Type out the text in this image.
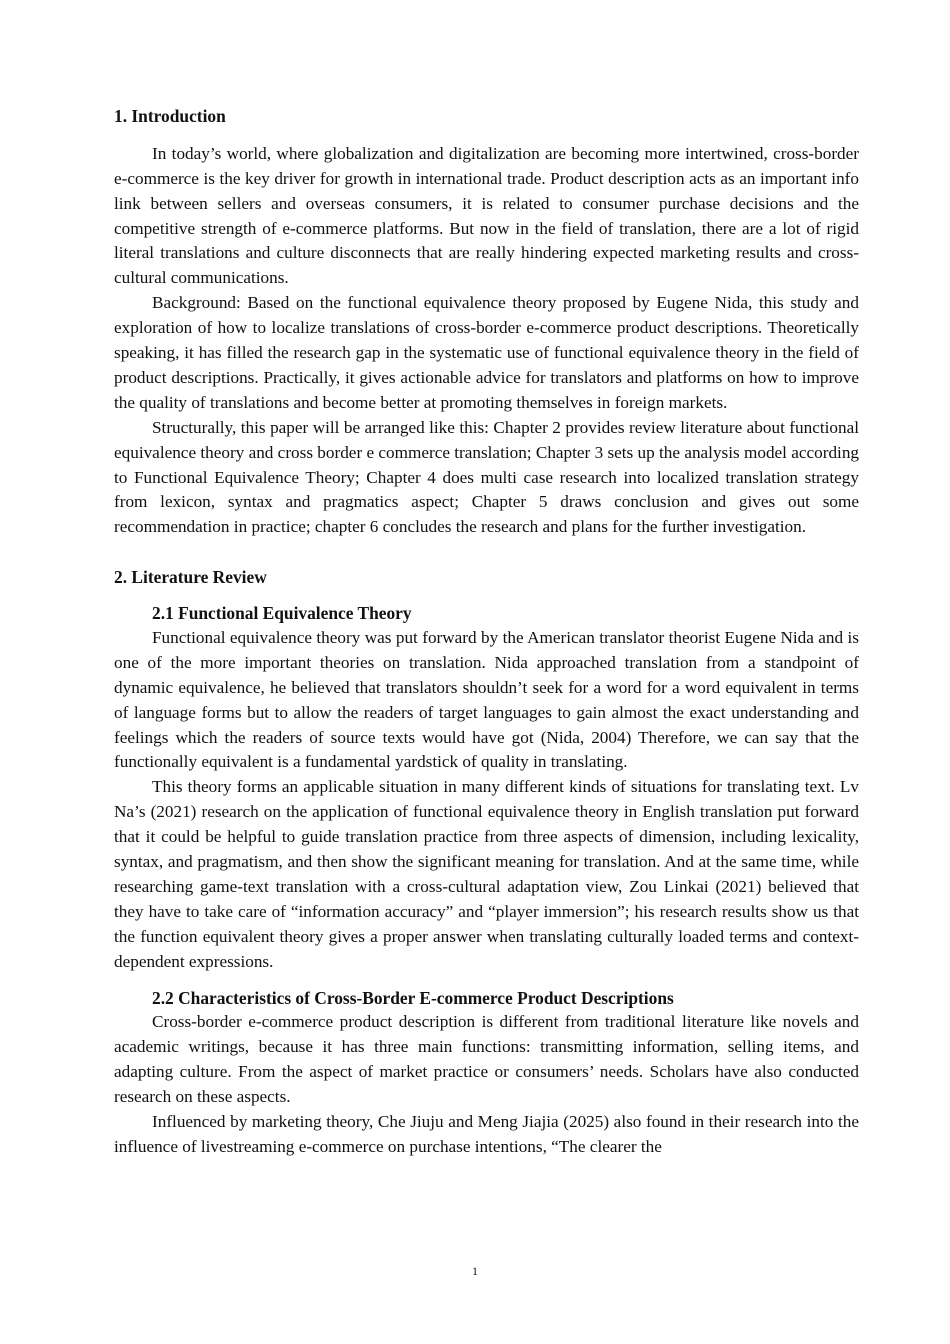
1. Introduction

In today’s world, where globalization and digitalization are becoming more intertwined, cross-border e-commerce is the key driver for growth in international trade. Product description acts as an important info link between sellers and overseas consumers, it is related to consumer purchase decisions and the competitive strength of e-commerce platforms. But now in the field of translation, there are a lot of rigid literal translations and culture disconnects that are really hindering expected marketing results and cross-cultural communications.

Background: Based on the functional equivalence theory proposed by Eugene Nida, this study and exploration of how to localize translations of cross-border e-commerce product descriptions. Theoretically speaking, it has filled the research gap in the systematic use of functional equivalence theory in the field of product descriptions. Practically, it gives actionable advice for translators and platforms on how to improve the quality of translations and become better at promoting themselves in foreign markets.

Structurally, this paper will be arranged like this: Chapter 2 provides review literature about functional equivalence theory and cross border e commerce translation; Chapter 3 sets up the analysis model according to Functional Equivalence Theory; Chapter 4 does multi case research into localized translation strategy from lexicon, syntax and pragmatics aspect; Chapter 5 draws conclusion and gives out some recommendation in practice; chapter 6 concludes the research and plans for the further investigation.

2. Literature Review
2.1 Functional Equivalence Theory

Functional equivalence theory was put forward by the American translator theorist Eugene Nida and is one of the more important theories on translation. Nida approached translation from a standpoint of dynamic equivalence, he believed that translators shouldn’t seek for a word for a word equivalent in terms of language forms but to allow the readers of target languages to gain almost the exact understanding and feelings which the readers of source texts would have got (Nida, 2004) Therefore, we can say that the functionally equivalent is a fundamental yardstick of quality in translating.

This theory forms an applicable situation in many different kinds of situations for translating text. Lv Na’s (2021) research on the application of functional equivalence theory in English translation put forward that it could be helpful to guide translation practice from three aspects of dimension, including lexicality, syntax, and pragmatism, and then show the significant meaning for translation. And at the same time, while researching game-text translation with a cross-cultural adaptation view, Zou Linkai (2021) believed that they have to take care of “information accuracy” and “player immersion”; his research results show us that the function equivalent theory gives a proper answer when translating culturally loaded terms and context-dependent expressions.

2.2 Characteristics of Cross-Border E-commerce Product Descriptions

Cross-border e-commerce product description is different from traditional literature like novels and academic writings, because it has three main functions: transmitting information, selling items, and adapting culture. From the aspect of market practice or consumers’ needs. Scholars have also conducted research on these aspects.

Influenced by marketing theory, Che Jiuju and Meng Jiajia (2025) also found in their research into the influence of livestreaming e-commerce on purchase intentions, “The clearer the

1
